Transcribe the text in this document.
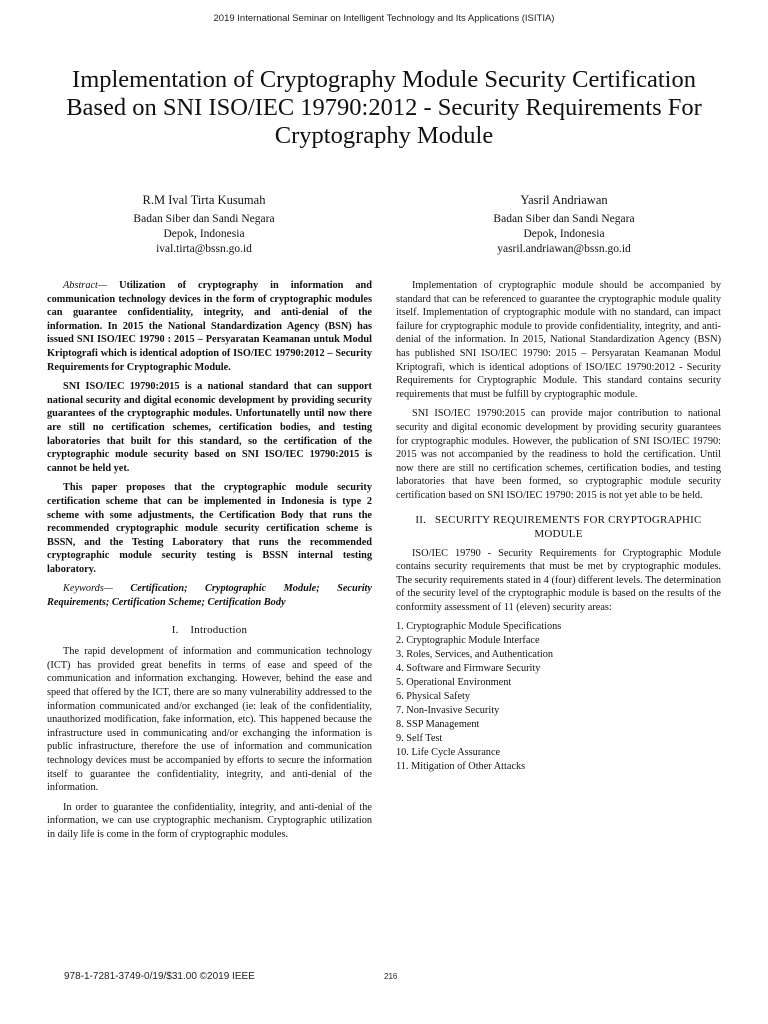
2019 International Seminar on Intelligent Technology and Its Applications (ISITIA)
Implementation of Cryptography Module Security Certification
Based on SNI ISO/IEC 19790:2012 - Security Requirements For
Cryptography Module
R.M Ival Tirta Kusumah
Badan Siber dan Sandi Negara
Depok, Indonesia
ival.tirta@bssn.go.id
Yasril Andriawan
Badan Siber dan Sandi Negara
Depok, Indonesia
yasril.andriawan@bssn.go.id

Abstract— Utilization of cryptography in information and communication technology devices in the form of cryptographic modules can guarantee confidentiality, integrity, and anti-denial of the information. In 2015 the National Standardization Agency (BSN) has issued SNI ISO/IEC 19790 : 2015 – Persyaratan Keamanan untuk Modul Kriptografi which is identical adoption of ISO/IEC 19790:2012 – Security Requirements for Cryptographic Module.

SNI ISO/IEC 19790:2015 is a national standard that can support national security and digital economic development by providing security guarantees of the cryptographic modules. Unfortunatelly until now there are still no certification schemes, certification bodies, and testing laboratories that built for this standard, so the certification of the cryptographic module security based on SNI ISO/IEC 19790:2015 is cannot be held yet.

This paper proposes that the cryptographic module security certification scheme that can be implemented in Indonesia is type 2 scheme with some adjustments, the Certification Body that runs the recommended cryptographic module security certification scheme is BSSN, and the Testing Laboratory that runs the recommended cryptographic module security testing is BSSN internal testing laboratory.

Keywords— Certification; Cryptographic Module; Security Requirements; Certification Scheme; Certification Body

I.    Introduction

The rapid development of information and communication technology (ICT) has provided great benefits in terms of ease and speed of the communication and information exchanging. However, behind the ease and speed that offered by the ICT, there are so many vulnerability addressed to the information communicated and/or exchanged (ie: leak of the confidentiality, unauthorized modification, fake information, etc). This happened because the infrastructure used in communicating and/or exchanging the information is public infrastructure, therefore the use of information and communication technology devices must be accompanied by efforts to secure the information itself to guarantee the confidentiality, integrity, and anti-denial of the information.

In order to guarantee the confidentiality, integrity, and anti-denial of the information, we can use cryptographic mechanism. Cryptographic utilization in daily life is come in the form of cryptographic modules.

Implementation of cryptographic module should be accompanied by standard that can be referenced to guarantee the cryptographic module quality itself. Implementation of cryptographic module with no standard, can impact failure for cryptographic module to provide confidentiality, integrity, and anti-denial of the information. In 2015, National Standardization Agency (BSN) has published SNI ISO/IEC 19790: 2015 – Persyaratan Keamanan Modul Kriptografi, which is identical adoptions of ISO/IEC 19790:2012 - Security Requirements for Cryptographic Module. This standard contains security requirements that must be fulfill by cryptographic module.

SNI ISO/IEC 19790:2015 can provide major contribution to national security and digital economic development by providing security guarantees for cryptographic modules. However, the publication of SNI ISO/IEC 19790: 2015 was not accompanied by the readiness to hold the certification. Until now there are still no certification schemes, certification bodies, and testing laboratories that have been formed, so cryptographic module security certification based on SNI ISO/IEC 19790: 2015 is not yet able to be held.

II.   SECURITY REQUIREMENTS FOR CRYPTOGRAPHIC MODULE

ISO/IEC 19790 - Security Requirements for Cryptographic Module contains security requirements that must be met by cryptographic modules. The security requirements stated in 4 (four) different levels. The determination of the security level of the cryptographic module is based on the results of the conformity assessment of 11 (eleven) security areas:

1. Cryptographic Module Specifications
2. Cryptographic Module Interface
3. Roles, Services, and Authentication
4. Software and Firmware Security
5. Operational Environment
6. Physical Safety
7. Non-Invasive Security
8. SSP Management
9. Self Test
10. Life Cycle Assurance
11. Mitigation of Other Attacks
978-1-7281-3749-0/19/$31.00 ©2019 IEEE	216
